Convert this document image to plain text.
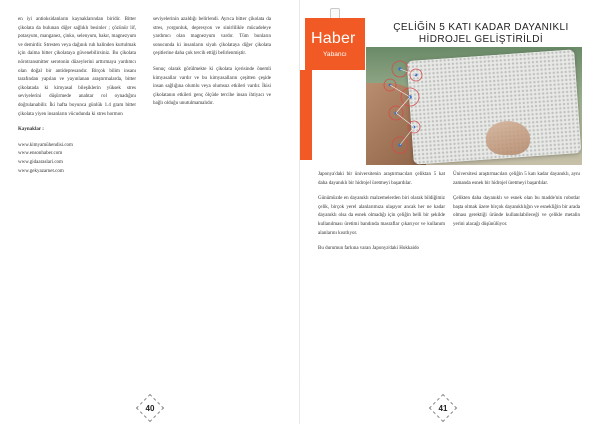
en iyi antioksidanların kaynaklarından biridir. Bitter çikolata da bulunan diğer sağlıklı besinler ; çözünür lif, potasyum, manganez, çinko, selenyum, bakır, magnezyum ve demirdir. Stresten veya dağınık ruh halinden kurtulmak için daima bitter çikolataya güvenebilirsiniz. Bu çikolata nörotransmitter serotonin düzeylerini arttırmaya yardımcı olan doğal bir antidepresandır. Birçok bilim insanı tarafından yapılan ve yayınlanan araştırmalarda, bitter çikolatada ki kimyasal bileşiklerin yüksek stres seviyelerini düşürmede anahtar rol oynadığını doğrulanabilir. İki hafta boyunca günlük 1.4 gram bitter çikolata yiyen insanların vücudunda ki stres hormon

Kaynaklar :

www.kimyamühendisi.com
www.ensonhaber.com
www.gidaaraslari.com
www.gekyazarnet.com

seviyelerinin azaldığı belirlendi. Ayrıca bitter çikolata da stres, yorgunluk, depresyon ve sinirlilikle mücadeleye yardımcı olan magnezyum vardır. Tüm bunların sonucunda ki insanların siyah çikolataya diğer çikolata çeşitlerine daha çok tercih ettiği belirlenmiştir.

Sonuç olarak görülmekte ki çikolata içerisinde önemli kimyasallar vardır ve bu kimyasalların çeşitten çeşide insan sağlığına olumlu veya olumsuz etkileri vardır. İkisi çikolatanın etkileri genç ölçüde tercihe insan ihtiyacı ve bağlı olduğu unutulmamalıdır.

Haber
Yabancı
ÇELİĞİN 5 KATI KADAR DAYANIKLI
HİDROJEL GELİŞTİRİLDİ

Japonya'daki bir üniversitenin araştırmacıları çeliktan 5 kat daha dayanıklı bir hidrojel üretmeyi başardılar.

Günümüzde en dayanıklı malzemelerden biri olarak bildiğimiz çelik, birçok yerel alanlarımıza ulaşıyor ancak her ne kadar dayanıklı olsa da esnek olmadığı için çeliğin belli bir şekilde kullanılması üretimi bandında masraflar çıkarıyor ve kullanım alanlarını kısıtlıyor.

Bu durumun farkına varan Japonya'daki Hokkaido

Üniversitesi araştırmacıları çeliğin 5 katı kadar dayanıklı, aynı zamanda esnek bir hidrojel üretmeyi başardılar.

Çelikten daha dayanıklı ve esnek olan bu madde'nin robotlar başta olmak üzere birçok dayanıklılığın ve esnekliğin bir arada olması gerektiği üründe kullanılabileceği ve çelikle metalin yerini alacağı düşünülüyor.

40	41
